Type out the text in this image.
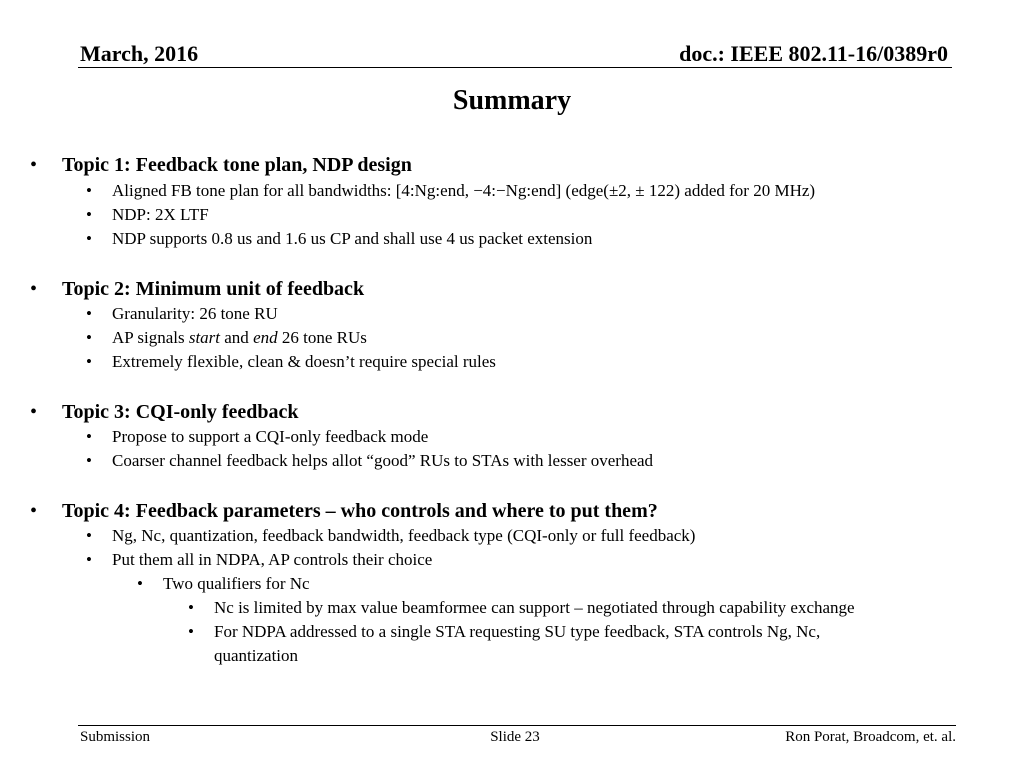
March, 2016	doc.: IEEE 802.11-16/0389r0
Summary
• Topic 1: Feedback tone plan, NDP design
• Aligned FB tone plan for all bandwidths: [4:Ng:end, −4:−Ng:end] (edge(±2, ± 122) added for 20 MHz)
• NDP: 2X LTF
• NDP supports 0.8 us and 1.6 us CP and shall use 4 us packet extension
• Topic 2: Minimum unit of feedback
• Granularity: 26 tone RU
• AP signals start and end 26 tone RUs
• Extremely flexible, clean & doesn’t require special rules
• Topic 3: CQI-only feedback
• Propose to support a CQI-only feedback mode
• Coarser channel feedback helps allot “good” RUs to STAs with lesser overhead
• Topic 4: Feedback parameters – who controls and where to put them?
• Ng, Nc, quantization, feedback bandwidth, feedback type (CQI-only or full feedback)
• Put them all in NDPA, AP controls their choice
• Two qualifiers for Nc
• Nc is limited by max value beamformee can support – negotiated through capability exchange
• For NDPA addressed to a single STA requesting SU type feedback, STA controls Ng, Nc,
quantization
Submission	Slide 23	Ron Porat, Broadcom, et. al.
